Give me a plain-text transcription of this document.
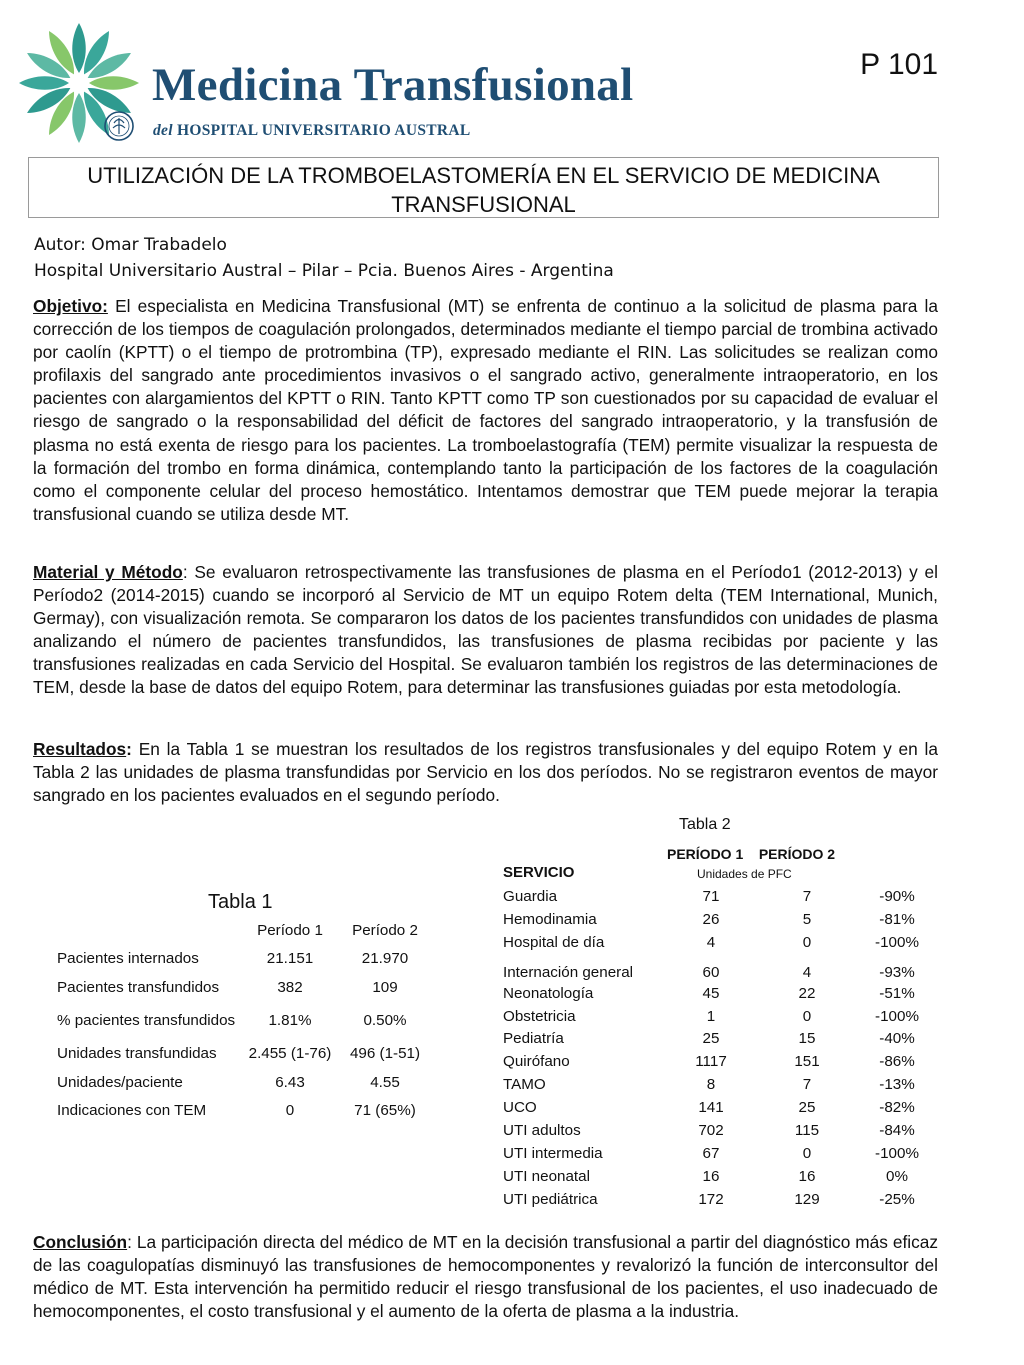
Medicina Transfusional
del HOSPITAL UNIVERSITARIO AUSTRAL
P 101
UTILIZACIÓN DE LA TROMBOELASTOMERÍA EN EL SERVICIO DE MEDICINA
TRANSFUSIONAL
Autor: Omar Trabadelo
Hospital Universitario Austral – Pilar – Pcia. Buenos Aires - Argentina
Objetivo: El especialista en Medicina Transfusional (MT) se enfrenta de continuo a la solicitud de plasma para la corrección de los tiempos de coagulación prolongados, determinados mediante el tiempo parcial de trombina activado por caolín (KPTT) o el tiempo de protrombina (TP), expresado mediante el RIN. Las solicitudes se realizan como profilaxis del sangrado ante procedimientos invasivos o el sangrado activo, generalmente intraoperatorio, en los pacientes con alargamientos del KPTT o RIN. Tanto KPTT como TP son cuestionados por su capacidad de evaluar el riesgo de sangrado o la responsabilidad del déficit de factores del sangrado intraoperatorio, y la transfusión de plasma no está exenta de riesgo para los pacientes. La tromboelastografía (TEM) permite visualizar la respuesta de la formación del trombo en forma dinámica, contemplando tanto la participación de los factores de la coagulación como el componente celular del proceso hemostático. Intentamos demostrar que TEM puede mejorar la terapia transfusional cuando se utiliza desde MT.
Material y Método: Se evaluaron retrospectivamente las transfusiones de plasma en el Período1 (2012-2013) y el Período2 (2014-2015) cuando se incorporó al Servicio de MT un equipo Rotem delta (TEM International, Munich, Germay), con visualización remota. Se compararon los datos de los pacientes transfundidos con unidades de plasma analizando el número de pacientes transfundidos, las transfusiones de plasma recibidas por paciente y las transfusiones realizadas en cada Servicio del Hospital. Se evaluaron también los registros de las determinaciones de TEM, desde la base de datos del equipo Rotem, para determinar las transfusiones guiadas por esta metodología.
Resultados: En la Tabla 1 se muestran los resultados de los registros transfusionales y del equipo Rotem y en la Tabla 2 las unidades de plasma transfundidas por Servicio en los dos períodos. No se registraron eventos de mayor sangrado en los pacientes evaluados en el segundo período.
Tabla 1
	Período 1	Período 2
Pacientes internados	21.151	21.970
Pacientes transfundidos	382	109
% pacientes transfundidos	1.81%	0.50%
Unidades transfundidas	2.455 (1-76)	496 (1-51)
Unidades/paciente	6.43	4.55
Indicaciones con TEM	0	71 (65%)
Tabla 2
PERÍODO 1 PERÍODO 2
Unidades de PFC
SERVICIO
Guardia	71	7	-90%
Hemodinamia	26	5	-81%
Hospital de día	4	0	-100%
Internación general	60	4	-93%
Neonatología	45	22	-51%
Obstetricia	1	0	-100%
Pediatría	25	15	-40%
Quirófano	1117	151	-86%
TAMO	8	7	-13%
UCO	141	25	-82%
UTI adultos	702	115	-84%
UTI intermedia	67	0	-100%
UTI neonatal	16	16	0%
UTI pediátrica	172	129	-25%
Conclusión: La participación directa del médico de MT en la decisión transfusional a partir del diagnóstico más eficaz de las coagulopatías disminuyó las transfusiones de hemocomponentes y revalorizó la función de interconsultor del médico de MT. Esta intervención ha permitido reducir el riesgo transfusional de los pacientes, el uso inadecuado de hemocomponentes, el costo transfusional y el aumento de la oferta de plasma a la industria.
